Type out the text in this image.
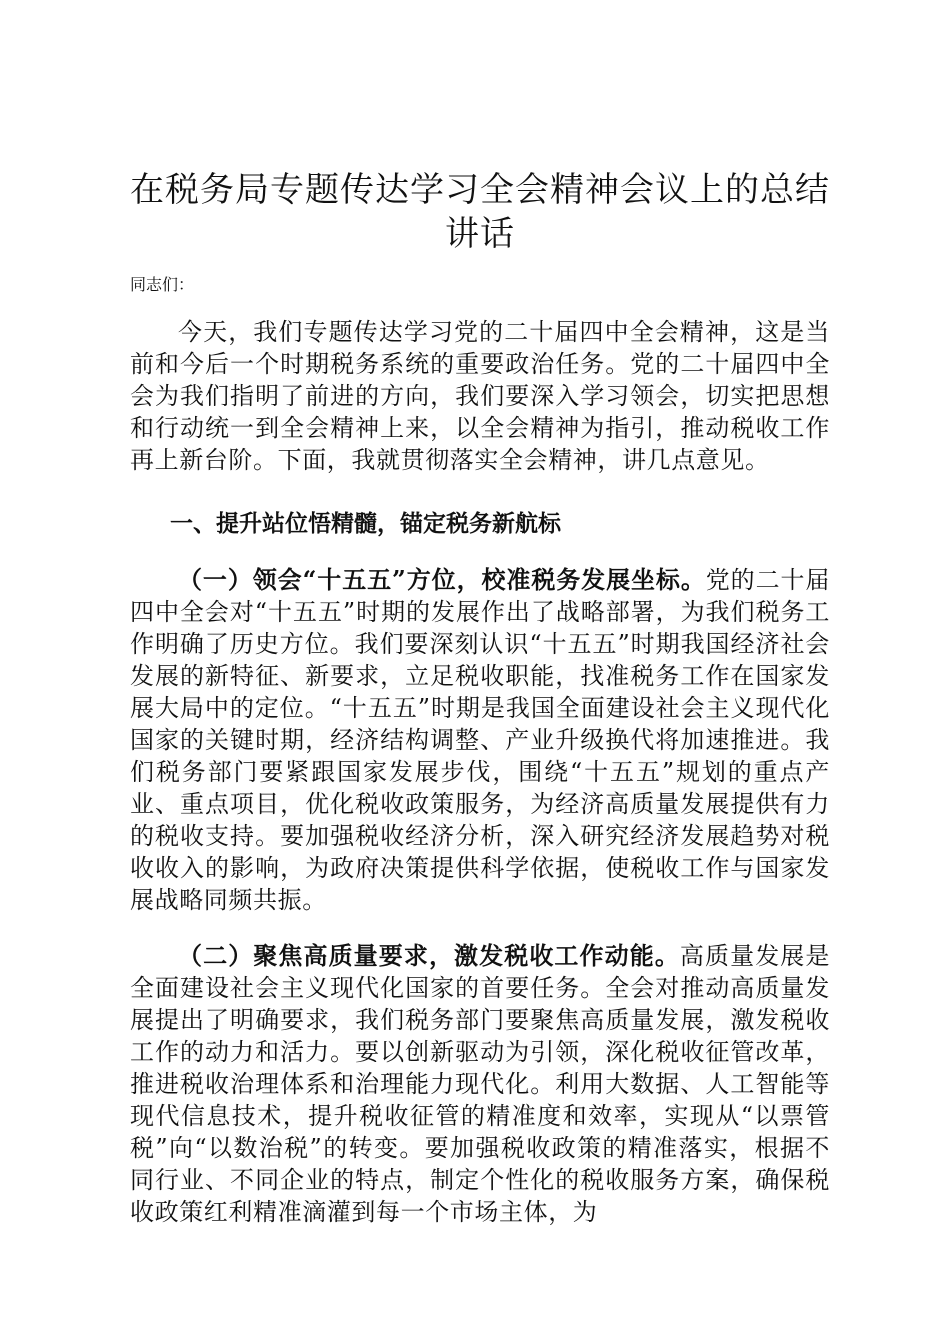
在税务局专题传达学习全会精神会议上的总结讲话

同志们：

今天，我们专题传达学习党的二十届四中全会精神，这是当前和今后一个时期税务系统的重要政治任务。党的二十届四中全会为我们指明了前进的方向，我们要深入学习领会，切实把思想和行动统一到全会精神上来，以全会精神为指引，推动税收工作再上新台阶。下面，我就贯彻落实全会精神，讲几点意见。

一、提升站位悟精髓，锚定税务新航标

（一）领会“十五五”方位，校准税务发展坐标。党的二十届四中全会对“十五五”时期的发展作出了战略部署，为我们税务工作明确了历史方位。我们要深刻认识“十五五”时期我国经济社会发展的新特征、新要求，立足税收职能，找准税务工作在国家发展大局中的定位。“十五五”时期是我国全面建设社会主义现代化国家的关键时期，经济结构调整、产业升级换代将加速推进。我们税务部门要紧跟国家发展步伐，围绕“十五五”规划的重点产业、重点项目，优化税收政策服务，为经济高质量发展提供有力的税收支持。要加强税收经济分析，深入研究经济发展趋势对税收收入的影响，为政府决策提供科学依据，使税收工作与国家发展战略同频共振。

（二）聚焦高质量要求，激发税收工作动能。高质量发展是全面建设社会主义现代化国家的首要任务。全会对推动高质量发展提出了明确要求，我们税务部门要聚焦高质量发展，激发税收工作的动力和活力。要以创新驱动为引领，深化税收征管改革，推进税收治理体系和治理能力现代化。利用大数据、人工智能等现代信息技术，提升税收征管的精准度和效率，实现从“以票管税”向“以数治税”的转变。要加强税收政策的精准落实，根据不同行业、不同企业的特点，制定个性化的税收服务方案，确保税收政策红利精准滴灌到每一个市场主体，为
